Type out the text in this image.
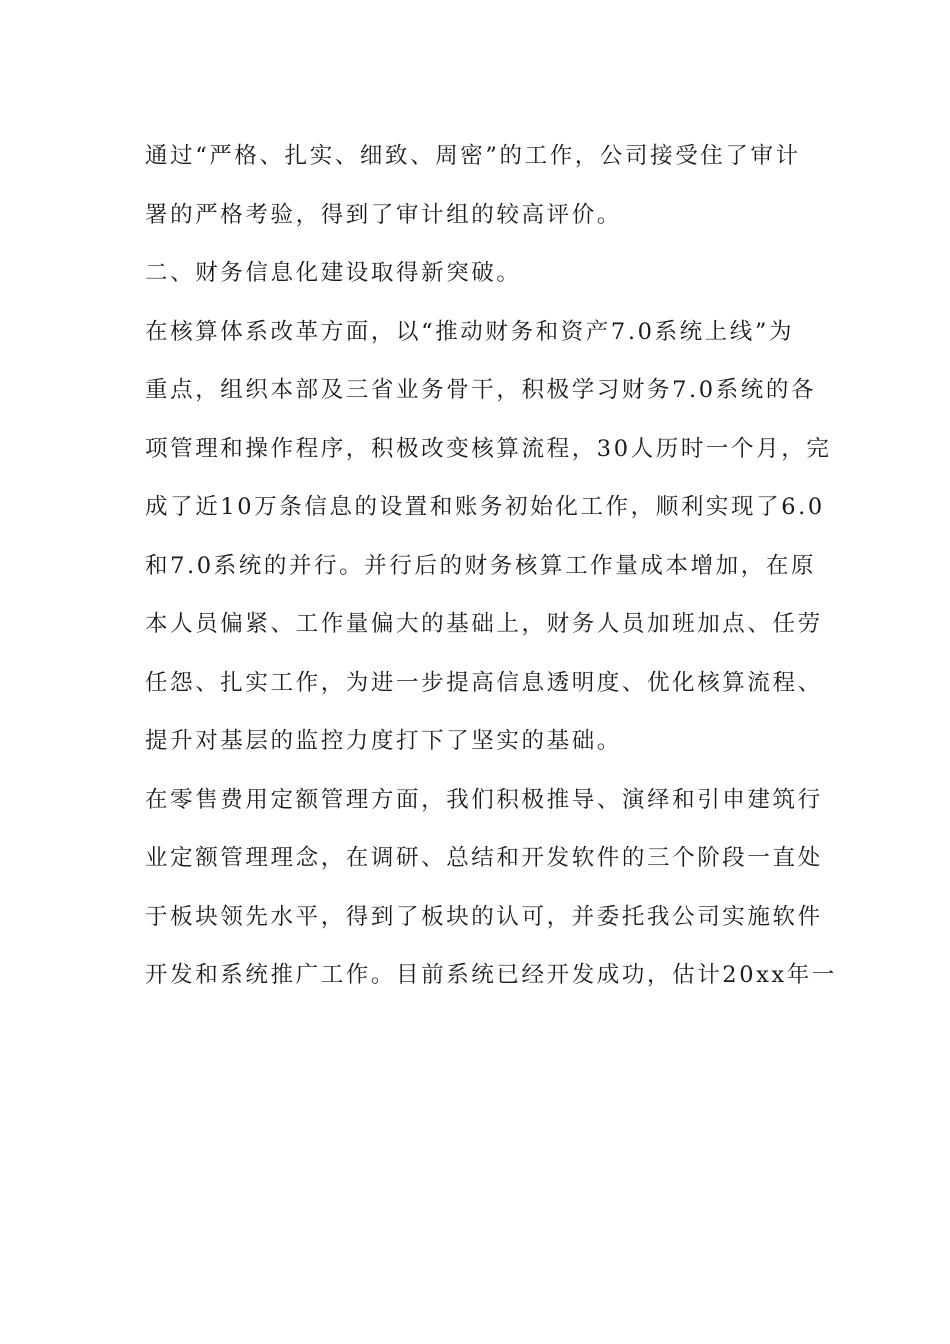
通过“严格、扎实、细致、周密”的工作，公司接受住了审计

署的严格考验，得到了审计组的较高评价。

二、财务信息化建设取得新突破。

在核算体系改革方面，以“推动财务和资产7.0系统上线”为

重点，组织本部及三省业务骨干，积极学习财务7.0系统的各

项管理和操作程序，积极改变核算流程，30人历时一个月，完

成了近10万条信息的设置和账务初始化工作，顺利实现了6.0

和7.0系统的并行。并行后的财务核算工作量成本增加，在原

本人员偏紧、工作量偏大的基础上，财务人员加班加点、任劳

任怨、扎实工作，为进一步提高信息透明度、优化核算流程、

提升对基层的监控力度打下了坚实的基础。

在零售费用定额管理方面，我们积极推导、演绎和引申建筑行

业定额管理理念，在调研、总结和开发软件的三个阶段一直处

于板块领先水平，得到了板块的认可，并委托我公司实施软件

开发和系统推广工作。目前系统已经开发成功，估计20xx年一
